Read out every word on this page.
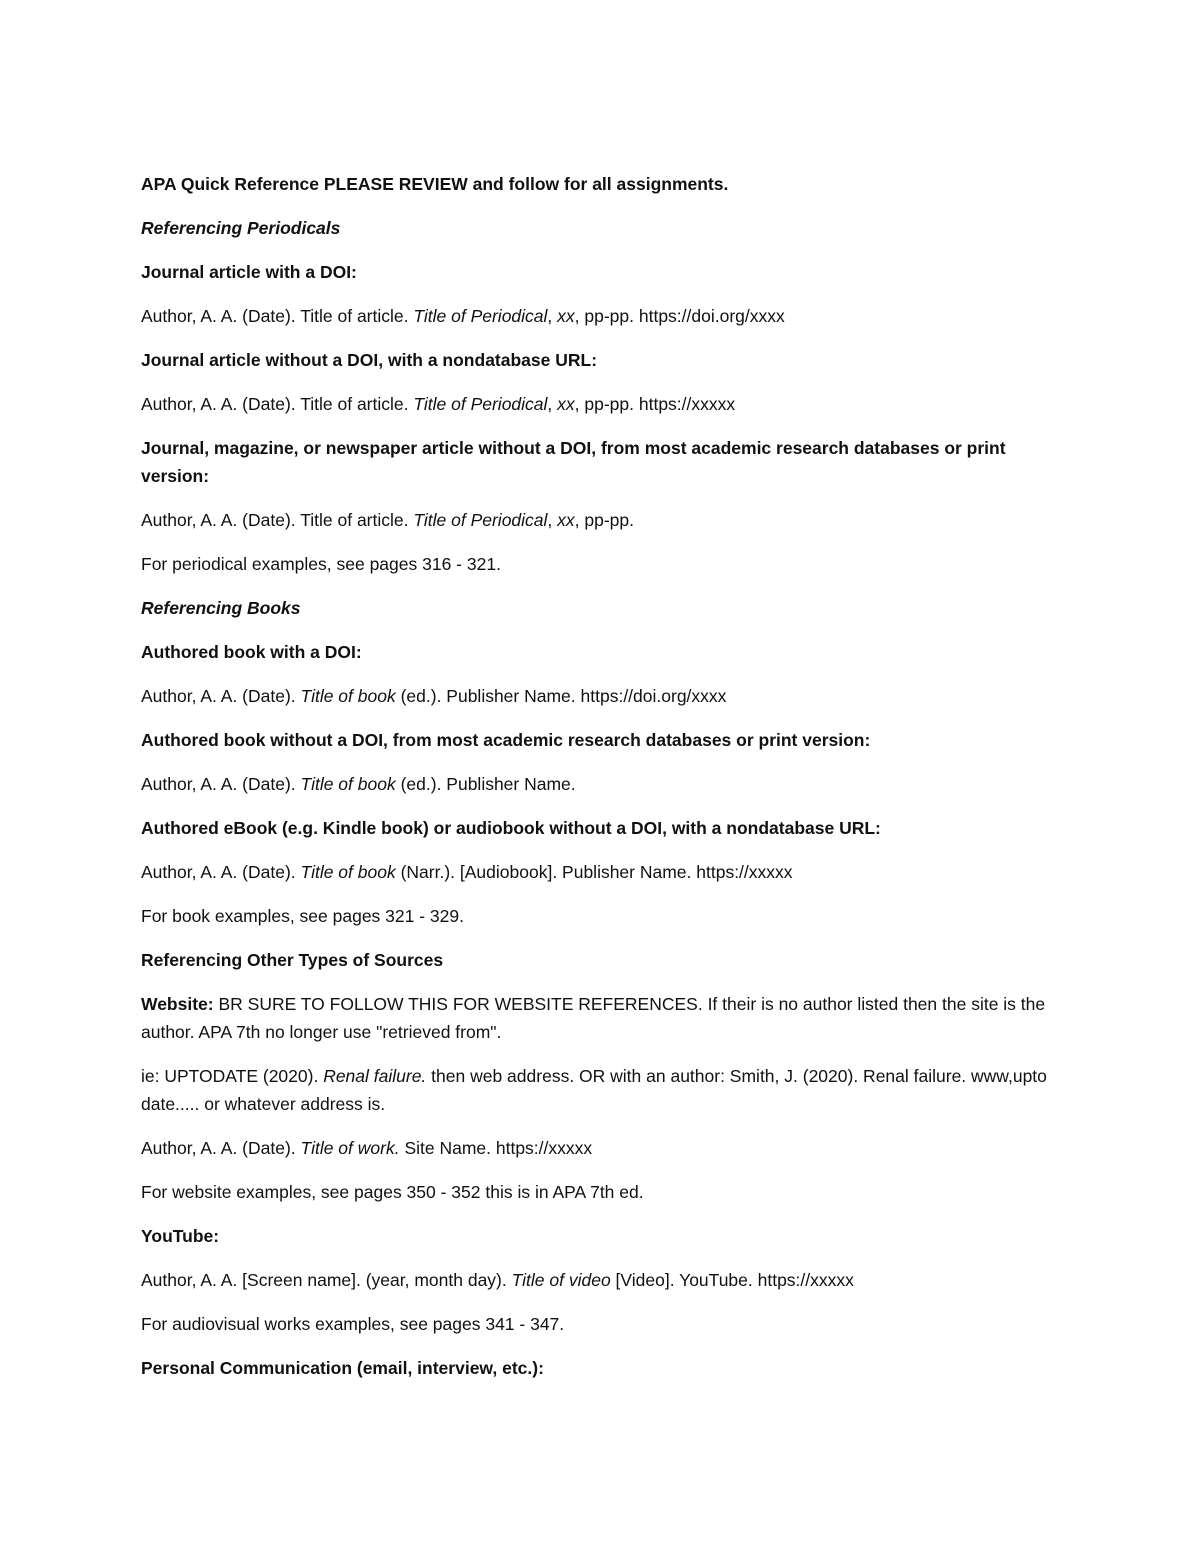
APA Quick Reference PLEASE REVIEW and follow for all assignments.

Referencing Periodicals

Journal article with a DOI:

Author, A. A. (Date). Title of article. Title of Periodical, xx, pp-pp. https://doi.org/xxxx

Journal article without a DOI, with a nondatabase URL:

Author, A. A. (Date). Title of article. Title of Periodical, xx, pp-pp. https://xxxxx

Journal, magazine, or newspaper article without a DOI, from most academic research databases or print version:

Author, A. A. (Date). Title of article. Title of Periodical, xx, pp-pp.

For periodical examples, see pages 316 - 321.

Referencing Books

Authored book with a DOI:

Author, A. A. (Date). Title of book (ed.). Publisher Name. https://doi.org/xxxx

Authored book without a DOI, from most academic research databases or print version:

Author, A. A. (Date). Title of book (ed.). Publisher Name.

Authored eBook (e.g. Kindle book) or audiobook without a DOI, with a nondatabase URL:

Author, A. A. (Date). Title of book (Narr.). [Audiobook]. Publisher Name. https://xxxxx

For book examples, see pages 321 - 329.

Referencing Other Types of Sources

Website: BR SURE TO FOLLOW THIS FOR WEBSITE REFERENCES. If their is no author listed then the site is the author. APA 7th no longer use "retrieved from".

ie: UPTODATE (2020). Renal failure. then web address. OR with an author: Smith, J. (2020). Renal failure. www,upto date..... or whatever address is.

Author, A. A. (Date). Title of work. Site Name. https://xxxxx

For website examples, see pages 350 - 352 this is in APA 7th ed.

YouTube:

Author, A. A. [Screen name]. (year, month day). Title of video [Video]. YouTube. https://xxxxx

For audiovisual works examples, see pages 341 - 347.

Personal Communication (email, interview, etc.):
